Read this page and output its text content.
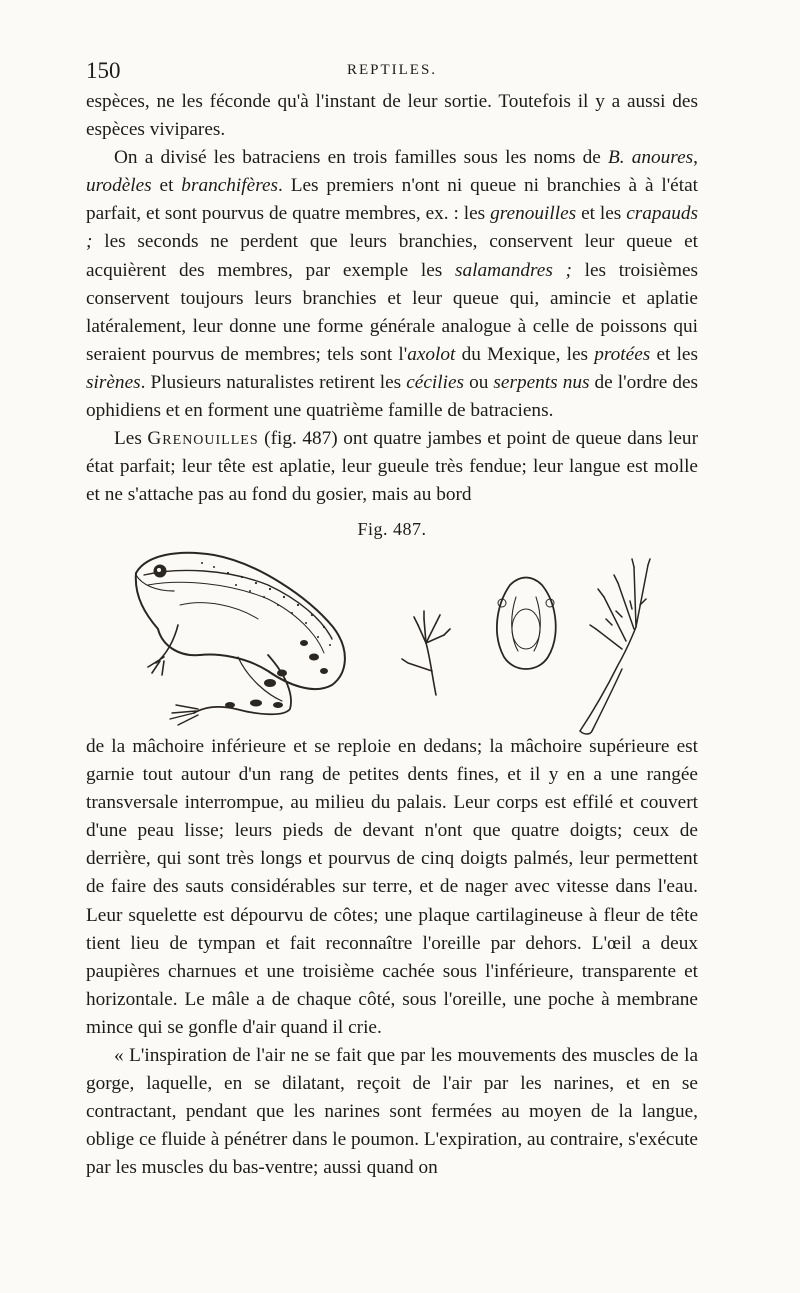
150	REPTILES.

espèces, ne les féconde qu'à l'instant de leur sortie. Toutefois il y a aussi des espèces vivipares.

On a divisé les batraciens en trois familles sous les noms de B. anoures, urodèles et branchifères. Les premiers n'ont ni queue ni branchies à à l'état parfait, et sont pourvus de quatre membres, ex. : les grenouilles et les crapauds ; les seconds ne perdent que leurs branchies, conservent leur queue et acquièrent des membres, par exemple les salamandres ; les troisièmes conservent toujours leurs branchies et leur queue qui, amincie et aplatie latéralement, leur donne une forme générale analogue à celle de poissons qui seraient pourvus de membres; tels sont l'axolot du Mexique, les protées et les sirènes. Plusieurs naturalistes retirent les cécilies ou serpents nus de l'ordre des ophidiens et en forment une quatrième famille de batraciens.

Les Grenouilles (fig. 487) ont quatre jambes et point de queue dans leur état parfait; leur tête est aplatie, leur gueule très fendue; leur langue est molle et ne s'attache pas au fond du gosier, mais au bord

Fig. 487.

de la mâchoire inférieure et se reploie en dedans; la mâchoire supérieure est garnie tout autour d'un rang de petites dents fines, et il y en a une rangée transversale interrompue, au milieu du palais. Leur corps est effilé et couvert d'une peau lisse; leurs pieds de devant n'ont que quatre doigts; ceux de derrière, qui sont très longs et pourvus de cinq doigts palmés, leur permettent de faire des sauts considérables sur terre, et de nager avec vitesse dans l'eau. Leur squelette est dépourvu de côtes; une plaque cartilagineuse à fleur de tête tient lieu de tympan et fait reconnaître l'oreille par dehors. L'œil a deux paupières charnues et une troisième cachée sous l'inférieure, transparente et horizontale. Le mâle a de chaque côté, sous l'oreille, une poche à membrane mince qui se gonfle d'air quand il crie.

« L'inspiration de l'air ne se fait que par les mouvements des muscles de la gorge, laquelle, en se dilatant, reçoit de l'air par les narines, et en se contractant, pendant que les narines sont fermées au moyen de la langue, oblige ce fluide à pénétrer dans le poumon. L'expiration, au contraire, s'exécute par les muscles du bas-ventre; aussi quand on
